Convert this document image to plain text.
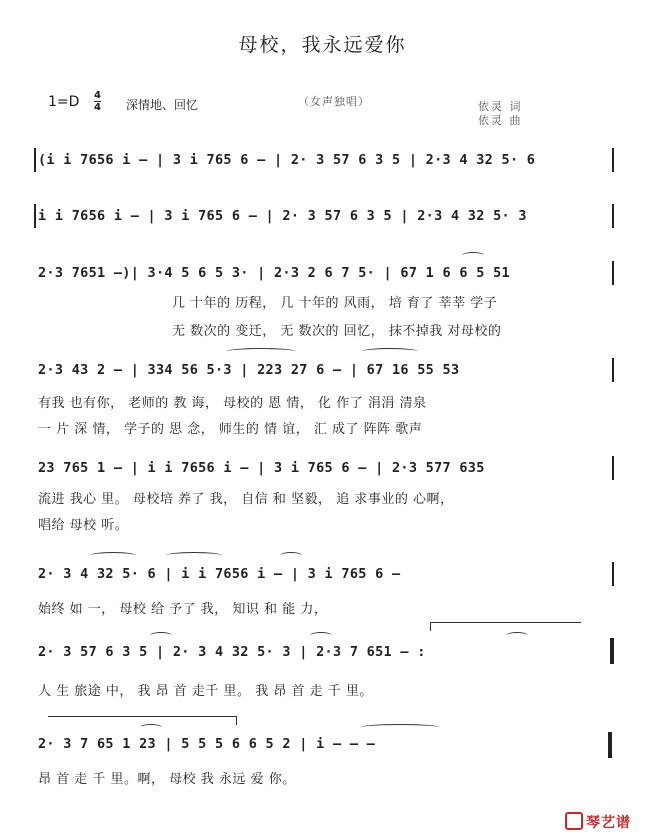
母校，我永远爱你
$1=D \frac{4}{4}$ 深情地、回忆	（女声独唱）	依灵 词
依灵 曲
(i i 7656 i – | 3 i 765 6 – | 2· 3 57 6 3 5 | 2·3 4 32 5· 6
i i 7656 i – | 3 i 765 6 – | 2· 3 57 6 3 5 | 2·3 4 32 5· 3
2·3 7651 –)| 3·4 5 6 5 3· | 2·3 2 6 7 5· | 67 1 6 6 5 51
几 十年的 历程， 几 十年的 风雨， 培 育了 莘莘 学子
无 数次的 变迁， 无 数次的 回忆， 抹不掉我 对母校的
2·3 43 2 – | 334 56 5·3 | 223 27 6 – | 67 16 55 53
有我 也有你， 老师的 教 诲， 母校的 恩 情， 化 作了 涓涓 清泉
一 片 深 情， 学子的 思 念， 师生的 情 谊， 汇 成了 阵阵 歌声
23 765 1 – | i i 7656 i – | 3 i 765 6 – | 2·3 577 635
流进 我心 里。 母校培 养了 我， 自信 和 坚毅， 追 求事业的 心啊，
唱给 母校 听。
2· 3 4 32 5· 6 | i i 7656 i – | 3 i 765 6 –
始终 如 一， 母校 给 予了 我， 知识 和 能 力，
2· 3 57 6 3 5 | 2· 3 4 32 5· 3 | 2·3 7 651 – :
人 生 旅途 中， 我 昂 首 走千 里。 我 昂 首 走 千 里。
2· 3 7 65 1 23 | 5 5 5 6 6 5 2 | i – – –
昂 首 走 千 里。啊， 母校 我 永远 爱 你。
琴艺谱
